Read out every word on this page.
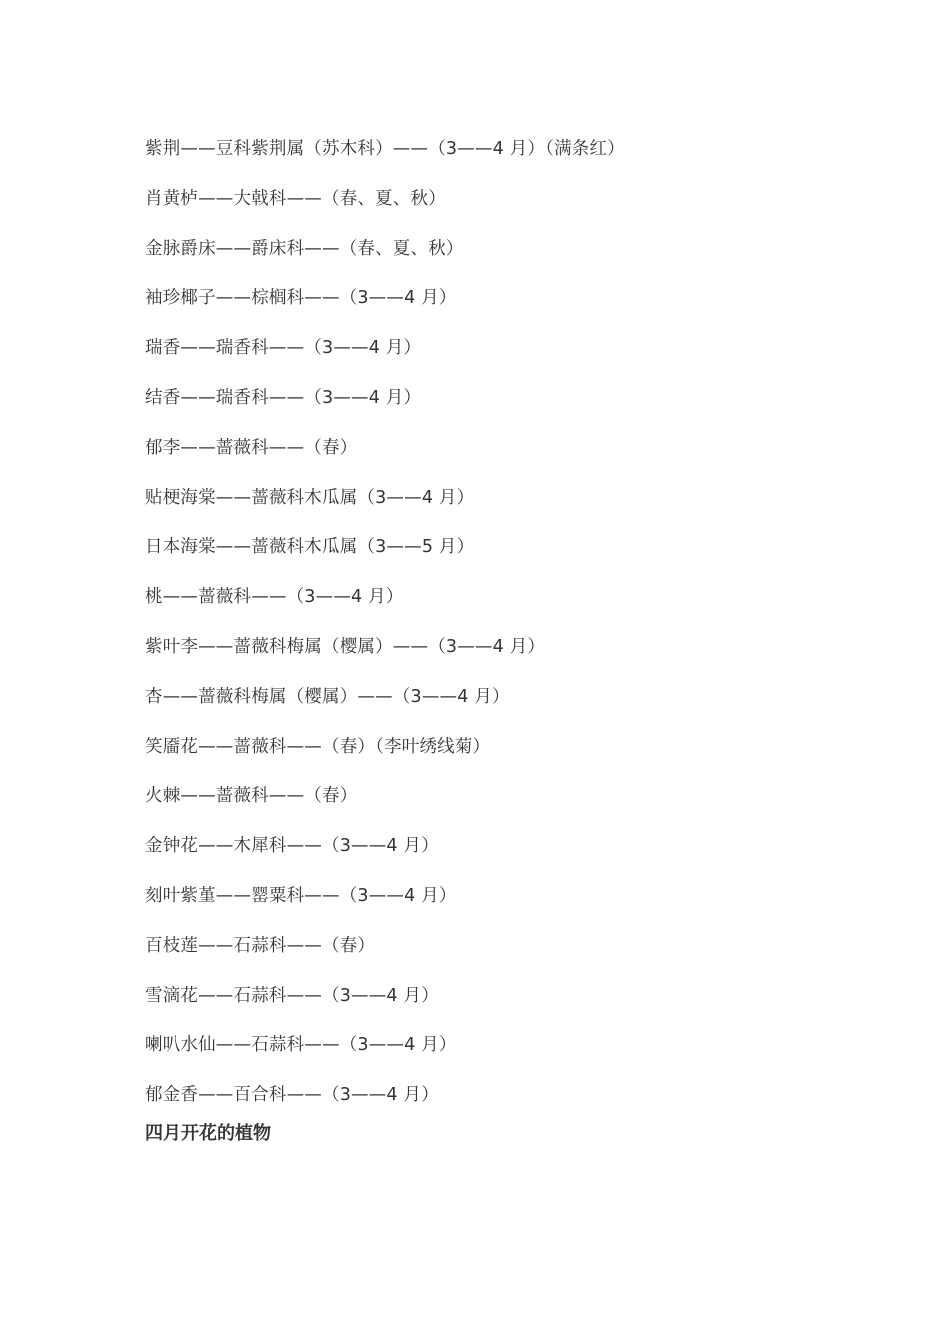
紫荆——豆科紫荆属（苏木科）——（3——4 月）（满条红）
肖黄栌——大戟科——（春、夏、秋）
金脉爵床——爵床科——（春、夏、秋）
袖珍椰子——棕榈科——（3——4 月）
瑞香——瑞香科——（3——4 月）
结香——瑞香科——（3——4 月）
郁李——蔷薇科——（春）
贴梗海棠——蔷薇科木瓜属（3——4 月）
日本海棠——蔷薇科木瓜属（3——5 月）
桃——蔷薇科——（3——4 月）
紫叶李——蔷薇科梅属（樱属）——（3——4 月）
杏——蔷薇科梅属（樱属）——（3——4 月）
笑靥花——蔷薇科——（春）（李叶绣线菊）
火棘——蔷薇科——（春）
金钟花——木犀科——（3——4 月）
刻叶紫堇——罂粟科——（3——4 月）
百枝莲——石蒜科——（春）
雪滴花——石蒜科——（3——4 月）
喇叭水仙——石蒜科——（3——4 月）
郁金香——百合科——（3——4 月）
四月开花的植物
